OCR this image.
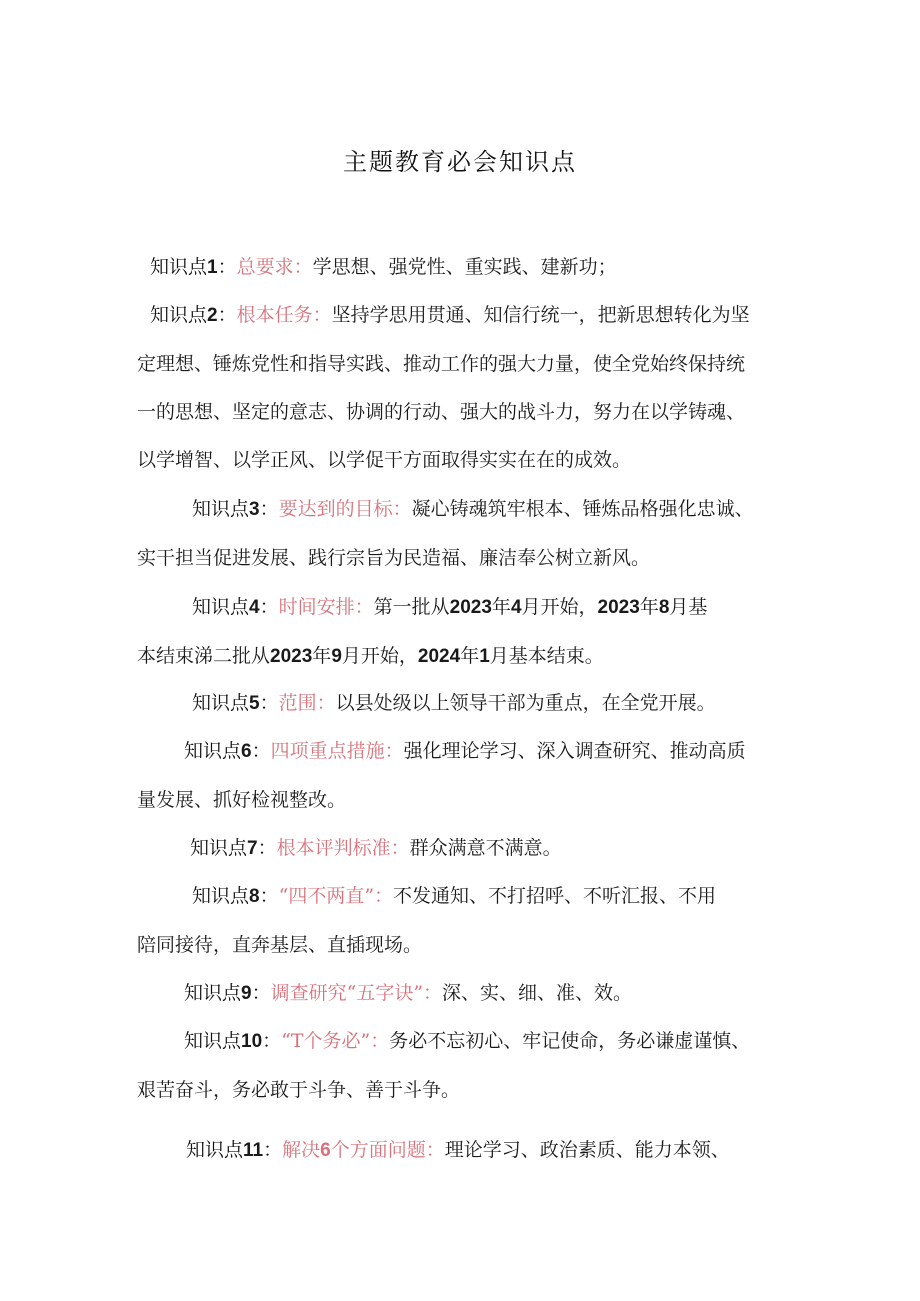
主题教育必会知识点
知识点1：总要求：学思想、强党性、重实践、建新功；
知识点2：根本任务：坚持学思用贯通、知信行统一，把新思想转化为坚
定理想、锤炼党性和指导实践、推动工作的强大力量，使全党始终保持统
一的思想、坚定的意志、协调的行动、强大的战斗力，努力在以学铸魂、
以学增智、以学正风、以学促干方面取得实实在在的成效。
知识点3：要达到的目标：凝心铸魂筑牢根本、锤炼品格强化忠诚、
实干担当促进发展、践行宗旨为民造福、廉洁奉公树立新风。
知识点4：时间安排：第一批从2023年4月开始，2023年8月基
本结束涕二批从2023年9月开始，2024年1月基本结束。
知识点5：范围：以县处级以上领导干部为重点，在全党开展。
知识点6：四项重点措施：强化理论学习、深入调查研究、推动高质
量发展、抓好检视整改。
知识点7：根本评判标准：群众满意不满意。
知识点8：“四不两直”：不发通知、不打招呼、不听汇报、不用
陪同接待，直奔基层、直插现场。
知识点9：调查研究“五字诀”：深、实、细、准、效。
知识点10：“T个务必”：务必不忘初心、牢记使命，务必谦虚谨慎、
艰苦奋斗，务必敢于斗争、善于斗争。
知识点11：解决6个方面问题：理论学习、政治素质、能力本领、
